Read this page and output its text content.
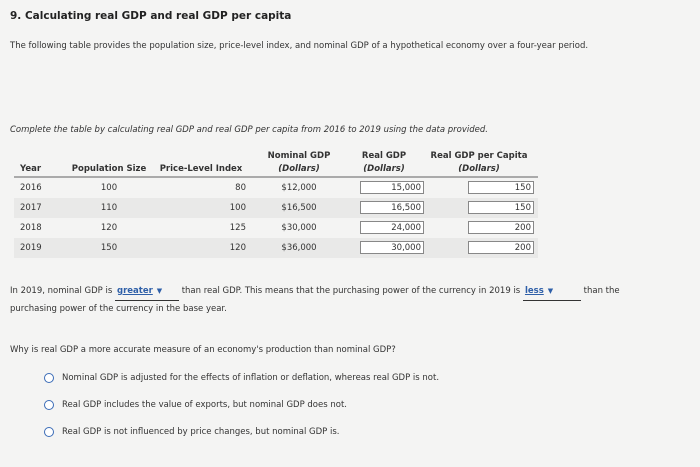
9. Calculating real GDP and real GDP per capita
The following table provides the population size, price-level index, and nominal GDP of a hypothetical economy over a four-year period.
Complete the table by calculating real GDP and real GDP per capita from 2016 to 2019 using the data provided.
			Nominal GDP	Real GDP	Real GDP per Capita
Year	Population Size	Price-Level Index	(Dollars)	(Dollars)	(Dollars)
2016	100	80	$12,000	15,000	150
2017	110	100	$16,500	16,500	150
2018	120	125	$30,000	24,000	200
2019	150	120	$36,000	30,000	200
In 2019, nominal GDP is greater ▼ than real GDP. This means that the purchasing power of the currency in 2019 is less ▼	than the
purchasing power of the currency in the base year.
Why is real GDP a more accurate measure of an economy's production than nominal GDP?
Nominal GDP is adjusted for the effects of inflation or deflation, whereas real GDP is not.
Real GDP includes the value of exports, but nominal GDP does not.
Real GDP is not influenced by price changes, but nominal GDP is.
